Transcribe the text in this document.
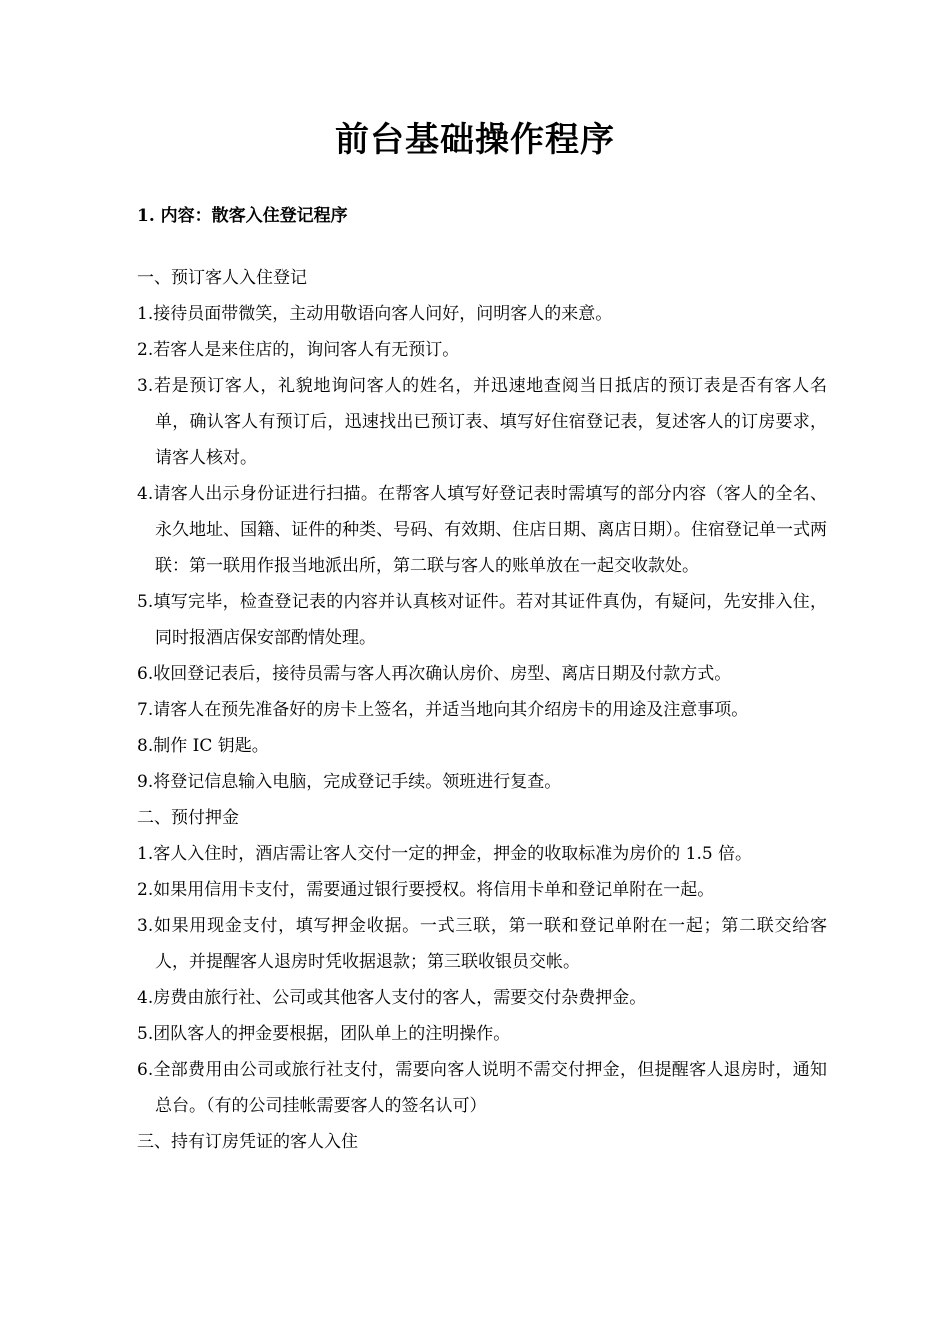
前台基础操作程序
1. 内容：散客入住登记程序

一、预订客人入住登记

1.接待员面带微笑，主动用敬语向客人问好，问明客人的来意。

2.若客人是来住店的，询问客人有无预订。

3.若是预订客人，礼貌地询问客人的姓名，并迅速地查阅当日抵店的预订表是否有客人名单，确认客人有预订后，迅速找出已预订表、填写好住宿登记表，复述客人的订房要求，请客人核对。

4.请客人出示身份证进行扫描。在帮客人填写好登记表时需填写的部分内容（客人的全名、永久地址、国籍、证件的种类、号码、有效期、住店日期、离店日期）。住宿登记单一式两联：第一联用作报当地派出所，第二联与客人的账单放在一起交收款处。

5.填写完毕，检查登记表的内容并认真核对证件。若对其证件真伪，有疑问，先安排入住，同时报酒店保安部酌情处理。

6.收回登记表后，接待员需与客人再次确认房价、房型、离店日期及付款方式。

7.请客人在预先准备好的房卡上签名，并适当地向其介绍房卡的用途及注意事项。

8.制作 IC 钥匙。

9.将登记信息输入电脑，完成登记手续。领班进行复查。

二、预付押金

1.客人入住时，酒店需让客人交付一定的押金，押金的收取标准为房价的 1.5 倍。

2.如果用信用卡支付，需要通过银行要授权。将信用卡单和登记单附在一起。

3.如果用现金支付，填写押金收据。一式三联，第一联和登记单附在一起；第二联交给客人，并提醒客人退房时凭收据退款；第三联收银员交帐。

4.房费由旅行社、公司或其他客人支付的客人，需要交付杂费押金。

5.团队客人的押金要根据，团队单上的注明操作。

6.全部费用由公司或旅行社支付，需要向客人说明不需交付押金，但提醒客人退房时，通知总台。（有的公司挂帐需要客人的签名认可）

三、持有订房凭证的客人入住
